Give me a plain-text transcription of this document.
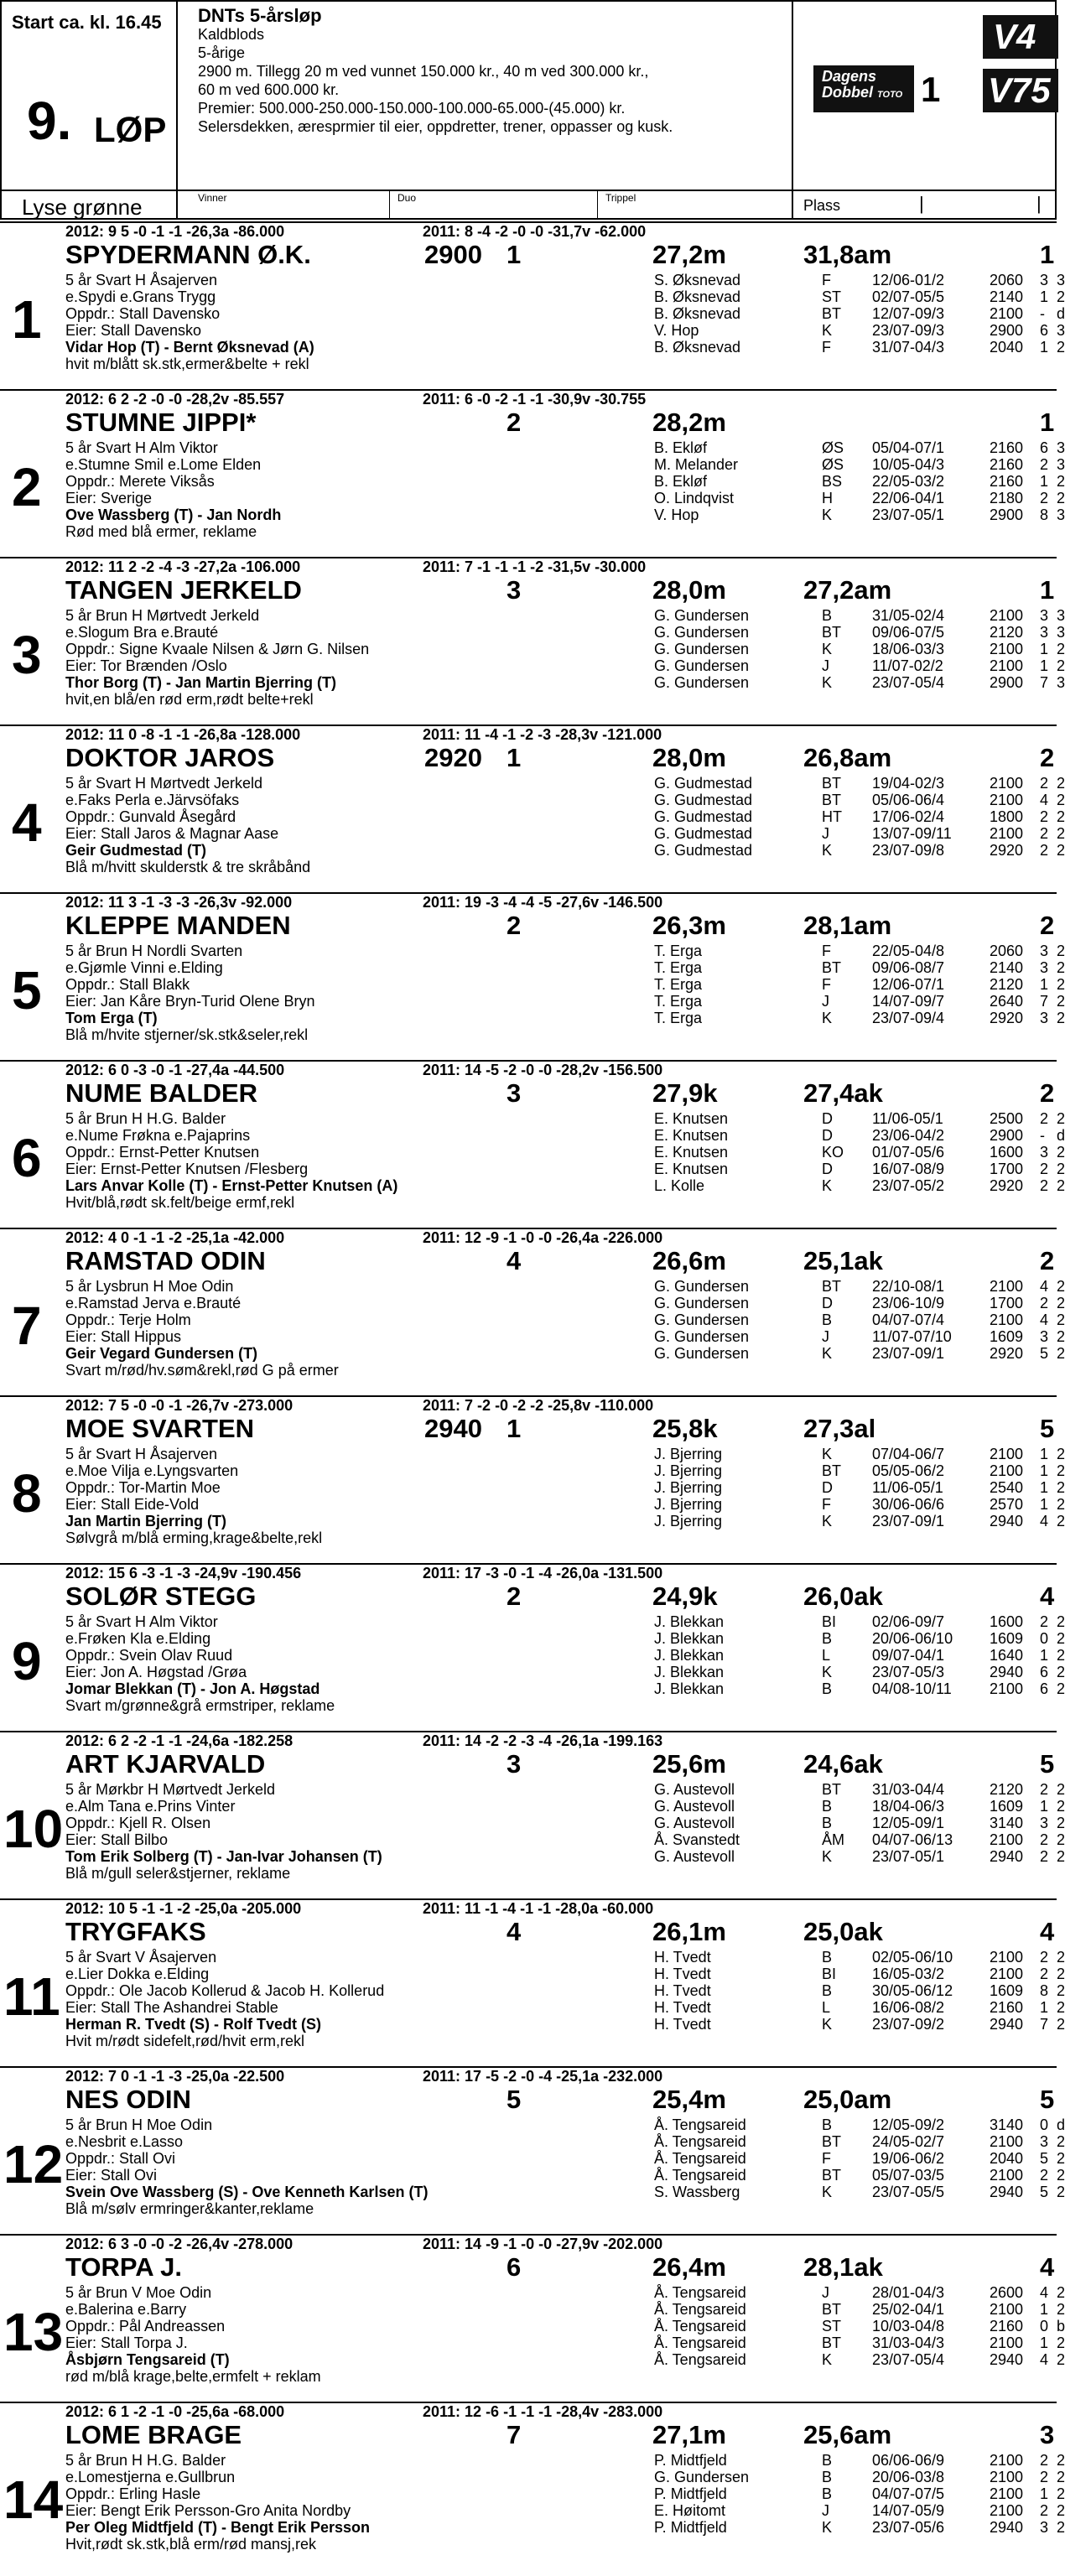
Start ca. kl. 16.45
9. LØP
DNTs 5-årsløp
Kaldblods
5-årige
2900 m. Tillegg 20 m ved vunnet 150.000 kr., 40 m ved 300.000 kr.,
60 m ved 600.000 kr.
Premier: 500.000-250.000-150.000-100.000-65.000-(45.000) kr.
Selersdekken, æresprmier til eier, oppdretter, trener, oppasser og kusk.
Dagens
Dobbel TOTO 1
V4
V75
Lyse grønne	Vinner	Duo	Trippel	Plass	|	|
2012: 9 5 -0 -1 -1 -26,3a -86.000	2011: 8 -4 -2 -0 -0 -31,7v -62.000
SPYDERMANN Ø.K.	2900 1	27,2m	31,8am	1
1
5 år Svart H Åsajerven
e.Spydi e.Grans Trygg
Oppdr.: Stall Davensko
Eier: Stall Davensko
Vidar Hop (T) - Bernt Øksnevad (A)
hvit m/blått sk.stk,ermer&belte + rekl
S. Øksnevad	F	12/06-01/2	2060 3 3
B. Øksnevad	ST 02/07-05/5	2140 1 2
B. Øksnevad	BT 12/07-09/3	2100 - d
V. Hop	K	23/07-09/3	2900 6 3
B. Øksnevad	F	31/07-04/3	2040 1 2
2012: 6 2 -2 -0 -0 -28,2v -85.557	2011: 6 -0 -2 -1 -1 -30,9v -30.755
STUMNE JIPPI*	2	28,2m	1
2
5 år Svart H Alm Viktor
e.Stumne Smil e.Lome Elden
Oppdr.: Merete Viksås
Eier: Sverige
Ove Wassberg (T) - Jan Nordh
Rød med blå ermer, reklame
B. Ekløf	ØS 05/04-07/1	2160 6 3
M. Melander	ØS 10/05-04/3	2160 2 3
B. Ekløf	BS 22/05-03/2	2160 1 2
O. Lindqvist	H	22/06-04/1	2180 2 2
V. Hop	K	23/07-05/1	2900 8 3
2012: 11 2 -2 -4 -3 -27,2a -106.000	2011: 7 -1 -1 -1 -2 -31,5v -30.000
TANGEN JERKELD	3	28,0m	27,2am	1
3
5 år Brun H Mørtvedt Jerkeld
e.Slogum Bra e.Brauté
Oppdr.: Signe Kvaale Nilsen & Jørn G. Nilsen
Eier: Tor Brænden /Oslo
Thor Borg (T) - Jan Martin Bjerring (T)
hvit,en blå/en rød erm,rødt belte+rekl
G. Gundersen	B	31/05-02/4	2100 3 3
G. Gundersen	BT 09/06-07/5	2120 3 3
G. Gundersen	K	18/06-03/3	2100 1 2
G. Gundersen	J	11/07-02/2	2100 1 2
G. Gundersen	K	23/07-05/4	2900 7 3
2012: 11 0 -8 -1 -1 -26,8a -128.000	2011: 11 -4 -1 -2 -3 -28,3v -121.000
DOKTOR JAROS	2920 1	28,0m	26,8am	2
4
5 år Svart H Mørtvedt Jerkeld
e.Faks Perla e.Järvsöfaks
Oppdr.: Gunvald Åsegård
Eier: Stall Jaros & Magnar Aase
Geir Gudmestad (T)
Blå m/hvitt skulderstk & tre skråbånd
G. Gudmestad	BT 19/04-02/3	2100 2 2
G. Gudmestad	BT 05/06-06/4	2100 4 2
G. Gudmestad	HT 17/06-02/4	1800 2 2
G. Gudmestad	J	13/07-09/11	2100 2 2
G. Gudmestad	K	23/07-09/8	2920 2 2
2012: 11 3 -1 -3 -3 -26,3v -92.000	2011: 19 -3 -4 -4 -5 -27,6v -146.500
KLEPPE MANDEN	2	26,3m	28,1am	2
5
5 år Brun H Nordli Svarten
e.Gjømle Vinni e.Elding
Oppdr.: Stall Blakk
Eier: Jan Kåre Bryn-Turid Olene Bryn
Tom Erga (T)
Blå m/hvite stjerner/sk.stk&seler,rekl
T. Erga	F	22/05-04/8	2060 3 2
T. Erga	BT 09/06-08/7	2140 3 2
T. Erga	F	12/06-07/1	2120 1 2
T. Erga	J	14/07-09/7	2640 7 2
T. Erga	K	23/07-09/4	2920 3 2
2012: 6 0 -3 -0 -1 -27,4a -44.500	2011: 14 -5 -2 -0 -0 -28,2v -156.500
NUME BALDER	3	27,9k	27,4ak	2
6
5 år Brun H H.G. Balder
e.Nume Frøkna e.Pajaprins
Oppdr.: Ernst-Petter Knutsen
Eier: Ernst-Petter Knutsen /Flesberg
Lars Anvar Kolle (T) - Ernst-Petter Knutsen (A)
Hvit/blå,rødt sk.felt/beige ermf,rekl
E. Knutsen	D	11/06-05/1	2500 2 2
E. Knutsen	D	23/06-04/2	2900 - d
E. Knutsen	KO 01/07-05/6	1600 3 2
E. Knutsen	D	16/07-08/9	1700 2 2
L. Kolle	K	23/07-05/2	2920 2 2
2012: 4 0 -1 -1 -2 -25,1a -42.000	2011: 12 -9 -1 -0 -0 -26,4a -226.000
RAMSTAD ODIN	4	26,6m	25,1ak	2
7
5 år Lysbrun H Moe Odin
e.Ramstad Jerva e.Brauté
Oppdr.: Terje Holm
Eier: Stall Hippus
Geir Vegard Gundersen (T)
Svart m/rød/hv.søm&rekl,rød G på ermer
G. Gundersen	BT 22/10-08/1	2100 4 2
G. Gundersen	D	23/06-10/9	1700 2 2
G. Gundersen	B	04/07-07/4	2100 4 2
G. Gundersen	J	11/07-07/10	1609 3 2
G. Gundersen	K	23/07-09/1	2920 5 2
2012: 7 5 -0 -0 -1 -26,7v -273.000	2011: 7 -2 -0 -2 -2 -25,8v -110.000
MOE SVARTEN	2940 1	25,8k	27,3al	5
8
5 år Svart H Åsajerven
e.Moe Vilja e.Lyngsvarten
Oppdr.: Tor-Martin Moe
Eier: Stall Eide-Vold
Jan Martin Bjerring (T)
Sølvgrå m/blå erming,krage&belte,rekl
J. Bjerring	K	07/04-06/7	2100 1 2
J. Bjerring	BT 05/05-06/2	2100 1 2
J. Bjerring	D	11/06-05/1	2540 1 2
J. Bjerring	F	30/06-06/6	2570 1 2
J. Bjerring	K	23/07-09/1	2940 4 2
2012: 15 6 -3 -1 -3 -24,9v -190.456	2011: 17 -3 -0 -1 -4 -26,0a -131.500
SOLØR STEGG	2	24,9k	26,0ak	4
9
5 år Svart H Alm Viktor
e.Frøken Kla e.Elding
Oppdr.: Svein Olav Ruud
Eier: Jon A. Høgstad /Grøa
Jomar Blekkan (T) - Jon A. Høgstad
Svart m/grønne&grå ermstriper, reklame
J. Blekkan	BI 02/06-09/7	1600 2 2
J. Blekkan	B	20/06-06/10 1609 0 2
J. Blekkan	L	09/07-04/1	1640 1 2
J. Blekkan	K	23/07-05/3	2940 6 2
J. Blekkan	B	04/08-10/11	2100 6 2
2012: 6 2 -2 -1 -1 -24,6a -182.258	2011: 14 -2 -2 -3 -4 -26,1a -199.163
ART KJARVALD	3	25,6m	24,6ak	5
10
5 år Mørkbr H Mørtvedt Jerkeld
e.Alm Tana e.Prins Vinter
Oppdr.: Kjell R. Olsen
Eier: Stall Bilbo
Tom Erik Solberg (T) - Jan-Ivar Johansen (T)
Blå m/gull seler&stjerner, reklame
G. Austevoll	BT 31/03-04/4	2120 2 2
G. Austevoll	B	18/04-06/3	1609 1 2
G. Austevoll	B	12/05-09/1	3140 3 2
Å. Svanstedt	ÅM 04/07-06/13 2100 2 2
G. Austevoll	K	23/07-05/1	2940 2 2
2012: 10 5 -1 -1 -2 -25,0a -205.000	2011: 11 -1 -4 -1 -1 -28,0a -60.000
TRYGFAKS	4	26,1m	25,0ak	4
11
5 år Svart V Åsajerven
e.Lier Dokka e.Elding
Oppdr.: Ole Jacob Kollerud & Jacob H. Kollerud
Eier: Stall The Ashandrei Stable
Herman R. Tvedt (S) - Rolf Tvedt (S)
Hvit m/rødt sidefelt,rød/hvit erm,rekl
H. Tvedt	B	02/05-06/10 2100 2 2
H. Tvedt	BI 16/05-03/2	2100 2 2
H. Tvedt	B	30/05-06/12 1609 8 2
H. Tvedt	L	16/06-08/2	2160 1 2
H. Tvedt	K	23/07-09/2	2940 7 2
2012: 7 0 -1 -1 -3 -25,0a -22.500	2011: 17 -5 -2 -0 -4 -25,1a -232.000
NES ODIN	5	25,4m	25,0am	5
12
5 år Brun H Moe Odin
e.Nesbrit e.Lasso
Oppdr.: Stall Ovi
Eier: Stall Ovi
Svein Ove Wassberg (S) - Ove Kenneth Karlsen (T)
Blå m/sølv ermringer&kanter,reklame
Å. Tengsareid	B	12/05-09/2	3140 0 d
Å. Tengsareid	BT 24/05-02/7	2100 3 2
Å. Tengsareid	F	19/06-06/2	2040 5 2
Å. Tengsareid	BT 05/07-03/5	2100 2 2
S. Wassberg	K	23/07-05/5	2940 5 2
2012: 6 3 -0 -0 -2 -26,4v -278.000	2011: 14 -9 -1 -0 -0 -27,9v -202.000
TORPA J.	6	26,4m	28,1ak	4
13
5 år Brun V Moe Odin
e.Balerina e.Barry
Oppdr.: Pål Andreassen
Eier: Stall Torpa J.
Åsbjørn Tengsareid (T)
rød m/blå krage,belte,ermfelt + reklam
Å. Tengsareid	J	28/01-04/3	2600 4 2
Å. Tengsareid	BT 25/02-04/1	2100 1 2
Å. Tengsareid	ST 10/03-04/8	2160 0 b
Å. Tengsareid	BT 31/03-04/3	2100 1 2
Å. Tengsareid	K	23/07-05/4	2940 4 2
2012: 6 1 -2 -1 -0 -25,6a -68.000	2011: 12 -6 -1 -1 -1 -28,4v -283.000
LOME BRAGE	7	27,1m	25,6am	3
14
5 år Brun H H.G. Balder
e.Lomestjerna e.Gullbrun
Oppdr.: Erling Hasle
Eier: Bengt Erik Persson-Gro Anita Nordby
Per Oleg Midtfjeld (T) - Bengt Erik Persson
Hvit,rødt sk.stk,blå erm/rød mansj,rek
P. Midtfjeld	B	06/06-06/9	2100 2 2
G. Gundersen	B	20/06-03/8	2100 2 2
P. Midtfjeld	B	04/07-07/5	2100 1 2
E. Høitomt	J	14/07-05/9	2100 2 2
P. Midtfjeld	K	23/07-05/6	2940 3 2
